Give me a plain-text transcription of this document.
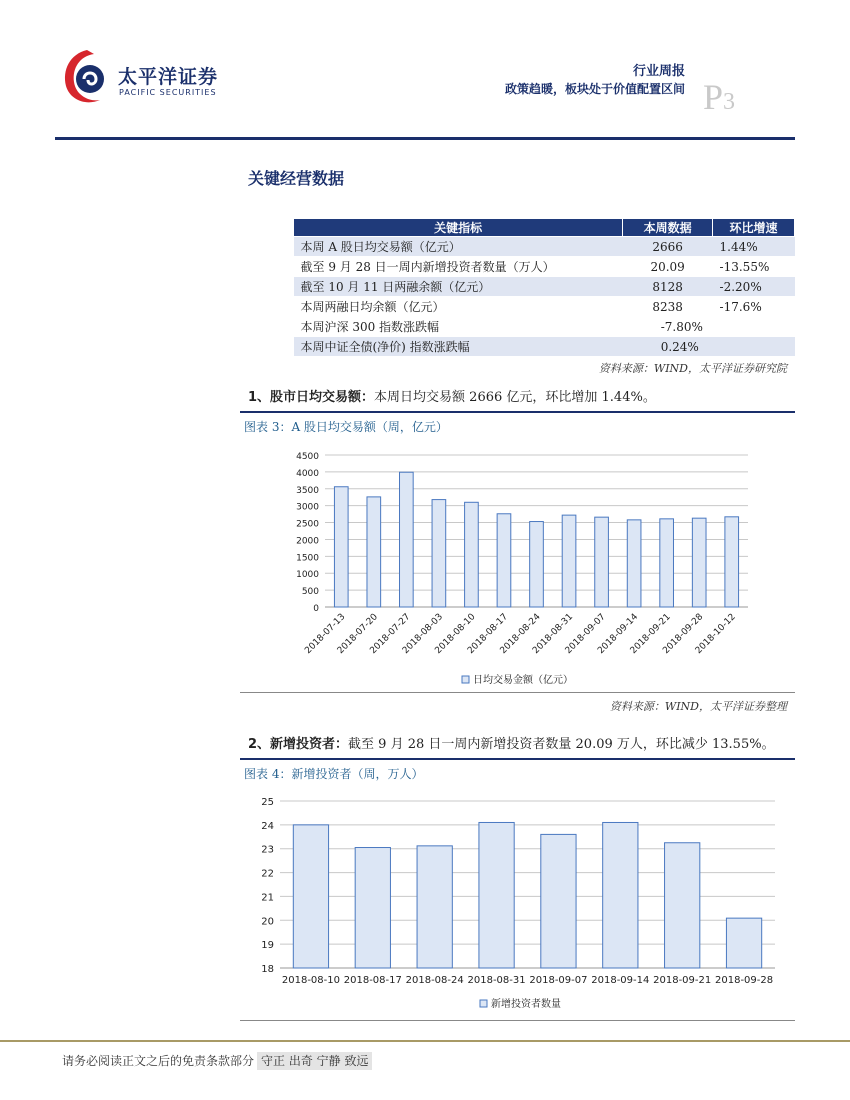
太平洋证券
PACIFIC SECURITIES
行业周报
政策趋暖，板块处于价值配置区间 P3
关键经营数据
关键指标	本周数据	环比增速
本周 A 股日均交易额（亿元）	2666	1.44%
截至 9 月 28 日一周内新增投资者数量（万人）	20.09	-13.55%
截至 10 月 11 日两融余额（亿元）	8128	-2.20%
本周两融日均余额（亿元）	8238	-17.6%
本周沪深 300 指数涨跌幅	-7.80%	
本周中证全债(净价) 指数涨跌幅	0.24%	
资料来源：WIND，太平洋证券研究院
1、股市日均交易额：本周日均交易额 2666 亿元，环比增加 1.44%。
图表 3：A 股日均交易额（周，亿元）
0
500
1000
1500
2000
2500
3000
3500
4000
4500
2018-07-13
2018-07-20
2018-07-27
2018-08-03
2018-08-10
2018-08-17
2018-08-24
2018-08-31
2018-09-07
2018-09-14
2018-09-21
2018-09-28
2018-10-12
日均交易金额（亿元）
资料来源：WIND，太平洋证券整理
2、新增投资者：截至 9 月 28 日一周内新增投资者数量 20.09 万人，环比减少 13.55%。
图表 4：新增投资者（周，万人）
18
19
20
21
22
23
24
25
2018-08-10 2018-08-17 2018-08-24 2018-08-31 2018-09-07 2018-09-14 2018-09-21 2018-09-28
新增投资者数量
请务必阅读正文之后的免责条款部分 守正 出奇 宁静 致远
